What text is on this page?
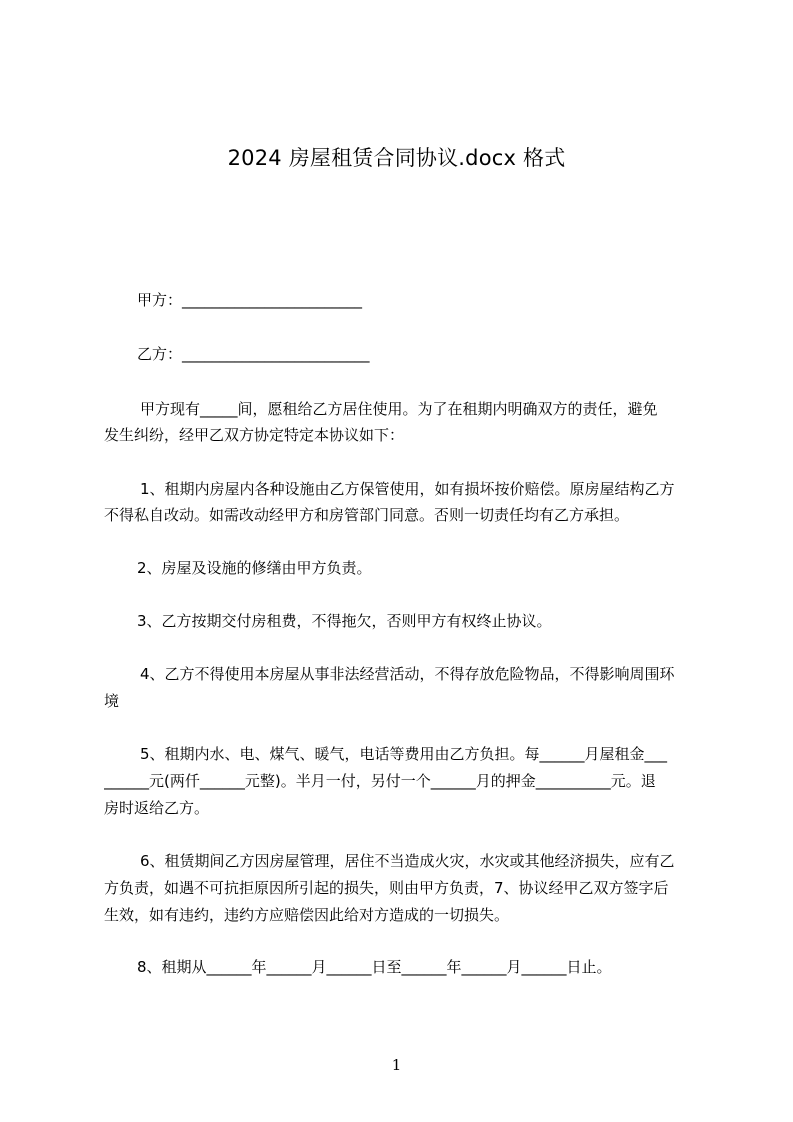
2024 房屋租赁合同协议.docx 格式
甲方：________________________
乙方：_________________________
甲方现有_____间，愿租给乙方居住使用。为了在租期内明确双方的责任，避免
发生纠纷，经甲乙双方协定特定本协议如下：
1、租期内房屋内各种设施由乙方保管使用，如有损坏按价赔偿。原房屋结构乙方
不得私自改动。如需改动经甲方和房管部门同意。否则一切责任均有乙方承担。
2、房屋及设施的修缮由甲方负责。
3、乙方按期交付房租费，不得拖欠，否则甲方有权终止协议。
4、乙方不得使用本房屋从事非法经营活动，不得存放危险物品，不得影响周围环
境
5、租期内水、电、煤气、暖气，电话等费用由乙方负担。每______月屋租金___
______元(两仟______元整)。半月一付，另付一个______月的押金__________元。退
房时返给乙方。
6、租赁期间乙方因房屋管理，居住不当造成火灾，水灾或其他经济损失，应有乙
方负责，如遇不可抗拒原因所引起的损失，则由甲方负责，7、协议经甲乙双方签字后
生效，如有违约，违约方应赔偿因此给对方造成的一切损失。
8、租期从______年______月______日至______年______月______日止。
1
